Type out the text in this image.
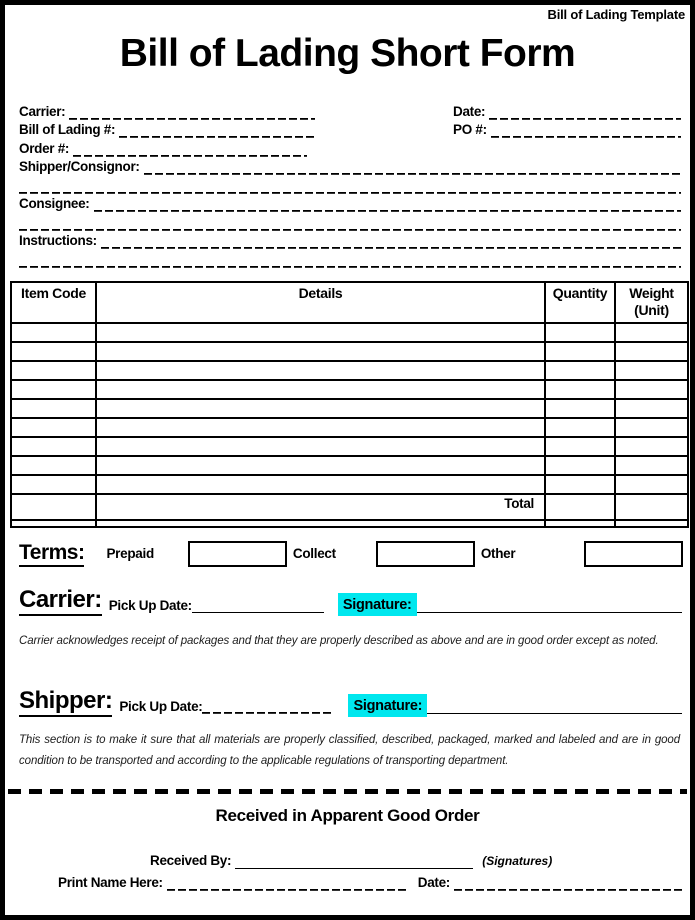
Bill of Lading Template
Bill of Lading Short Form
Carrier:	Date:
Bill of Lading #:	PO #:
Order #:
Shipper/Consignor:
Consignee:
Instructions:
Item Code	Details	Quantity	Weight (Unit)

	Total		

Terms: Prepaid	Collect	Other
Carrier: Pick Up Date:	Signature:
Carrier acknowledges receipt of packages and that they are properly described as above and are in good order except as noted.
Shipper: Pick Up Date:	Signature:
This section is to make it sure that all materials are properly classified, described, packaged, marked and labeled and are in good condition to be transported and according to the applicable regulations of transporting department.
Received in Apparent Good Order
Received By:	(Signatures)
Print Name Here:	Date:
